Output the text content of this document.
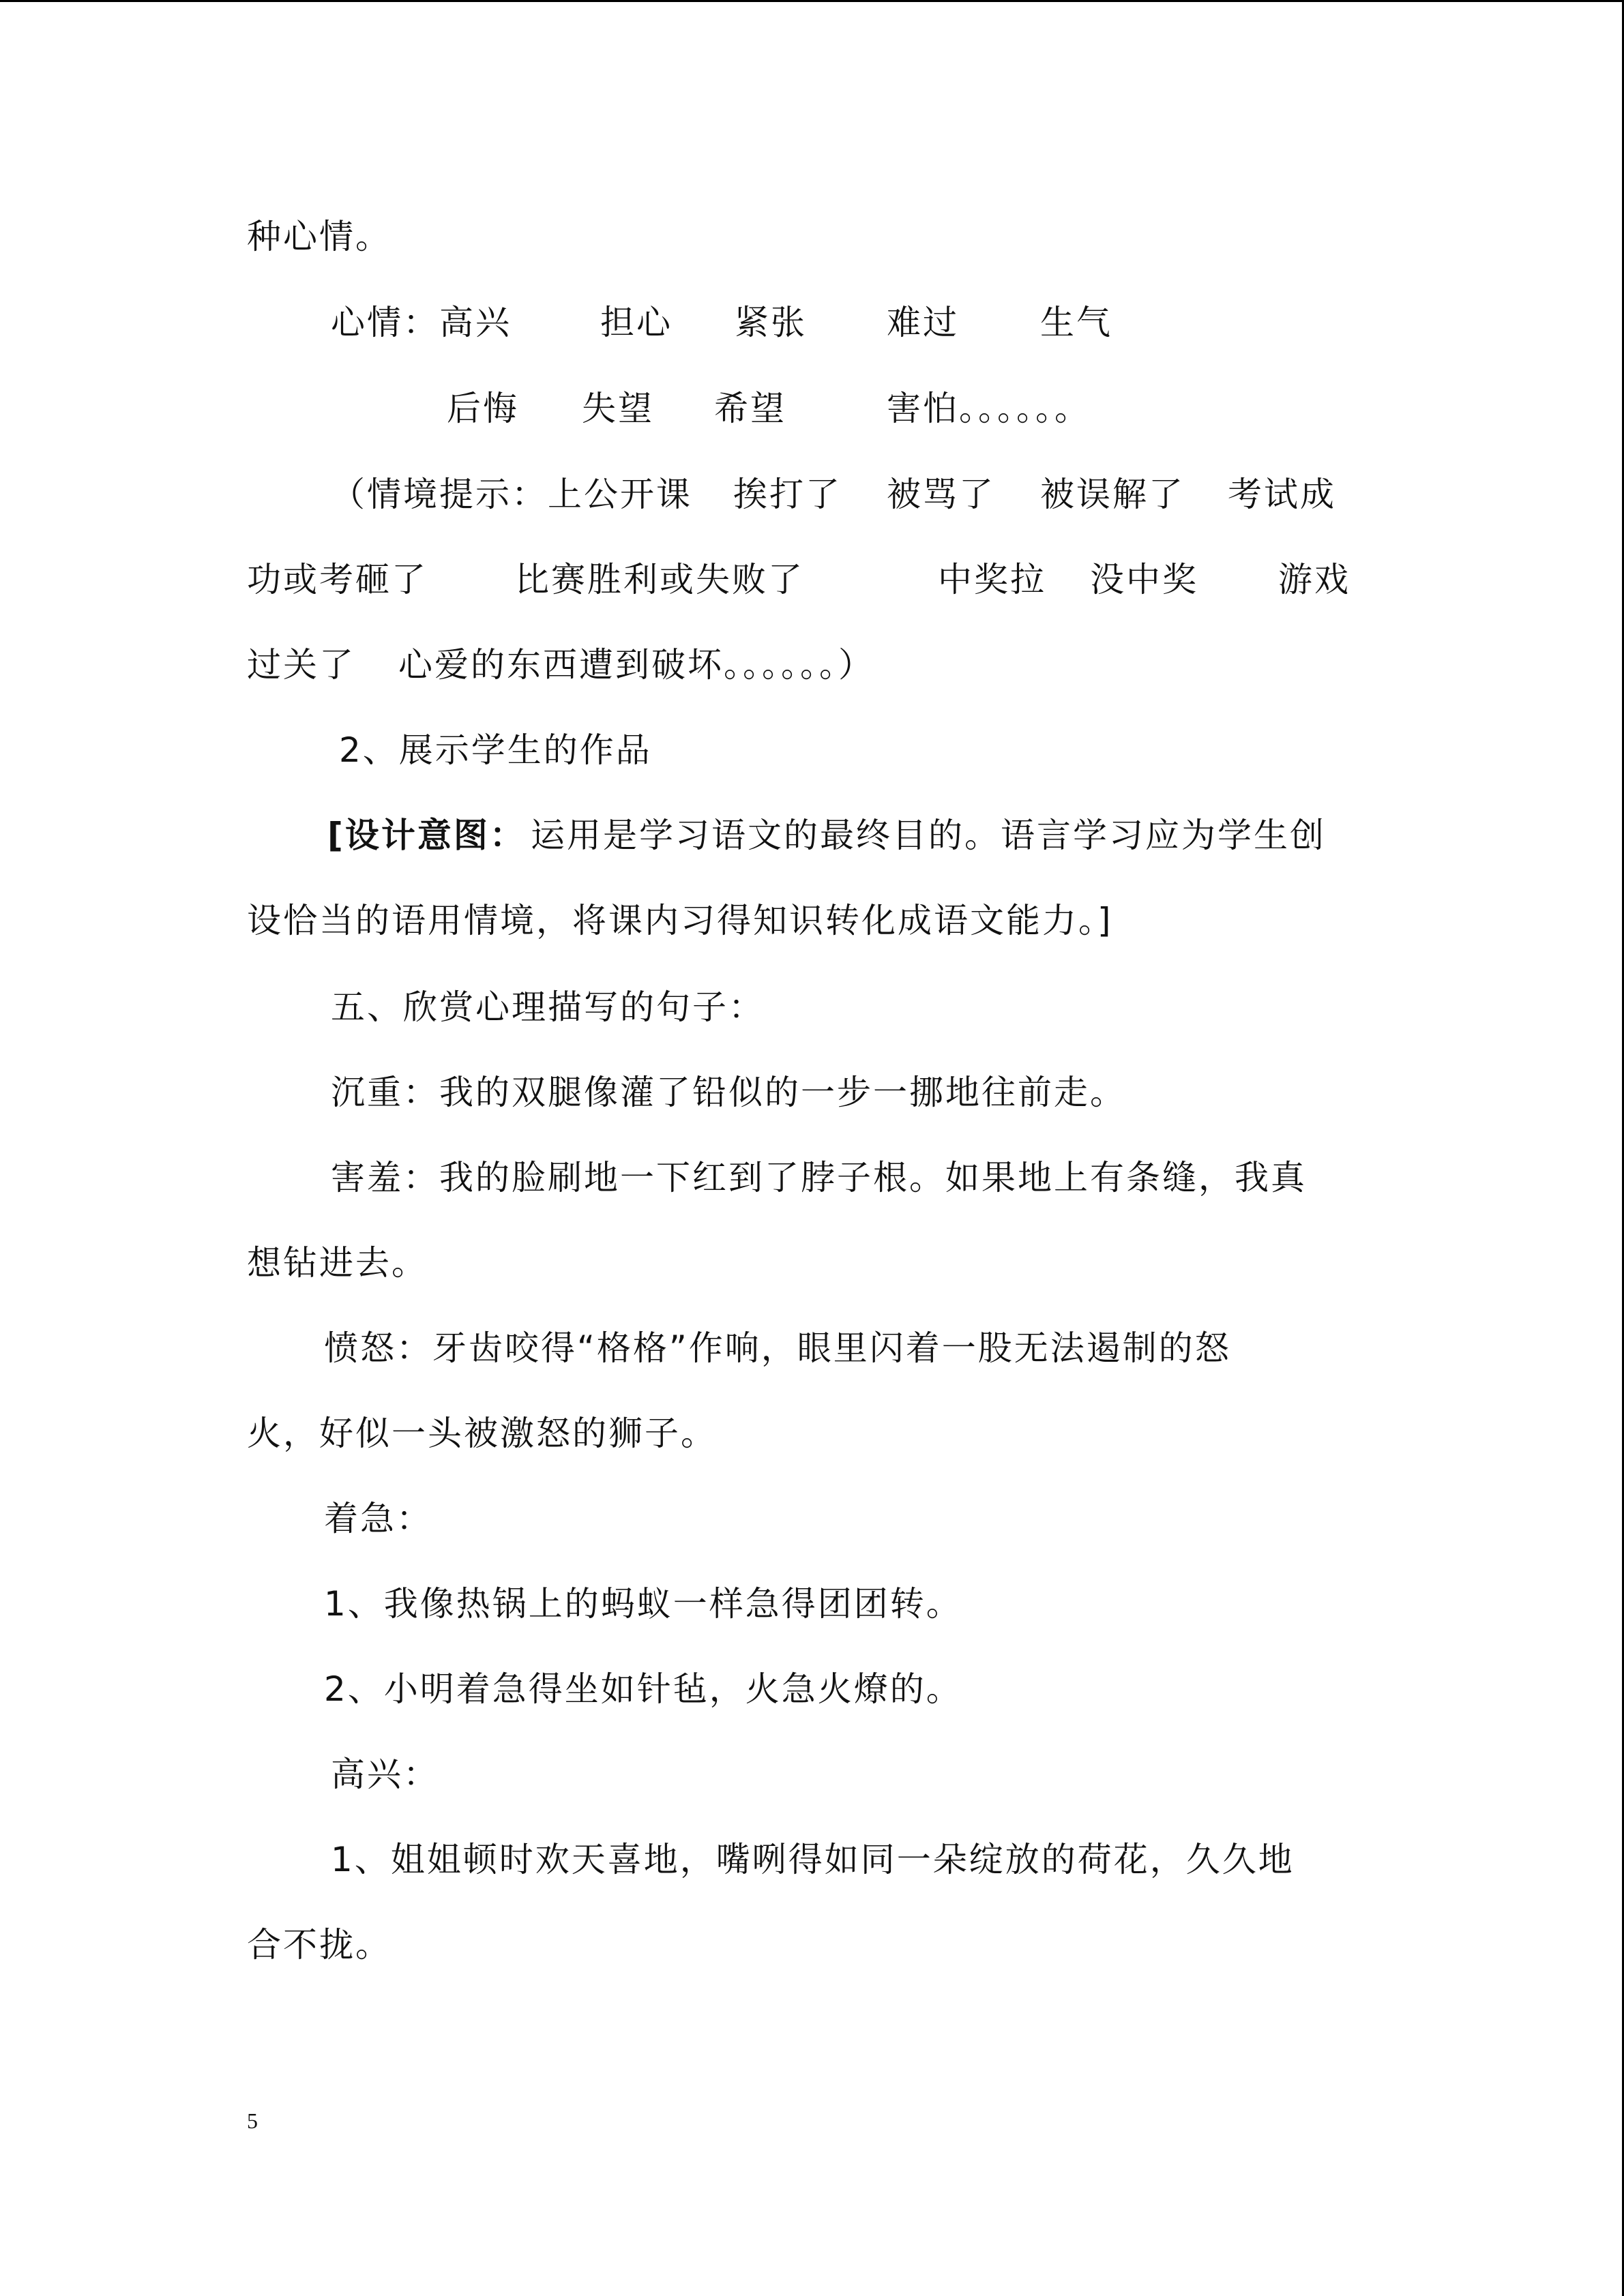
种心情。

心情：高兴

	担心

紧张

难过

生气

后悔

失望

希望

	害怕。。。。。。

（情境提示：上公开课

挨打了

被骂了

被误解了

考试成

功或考砸了

	比赛胜利或失败了

	中奖拉

没中奖

游戏

过关了

心爱的东西遭到破坏。。。。。。）

2、展示学生的作品

[设计意图：

运用是学习语文的最终目的。语言学习应为学生创

设恰当的语用情境，将课内习得知识转化成语文能力。]
五、欣赏心理描写的句子：
沉重：我的双腿像灌了铅似的一步一挪地往前走。
害羞：我的脸刷地一下红到了脖子根。如果地上有条缝，我真
想钻进去。
愤怒：牙齿咬得“格格”作响，眼里闪着一股无法遏制的怒
火，好似一头被激怒的狮子。
着急：
1、我像热锅上的蚂蚁一样急得团团转。
2、小明着急得坐如针毡，火急火燎的。
高兴：
1、姐姐顿时欢天喜地，嘴咧得如同一朵绽放的荷花，久久地
合不拢。
5
